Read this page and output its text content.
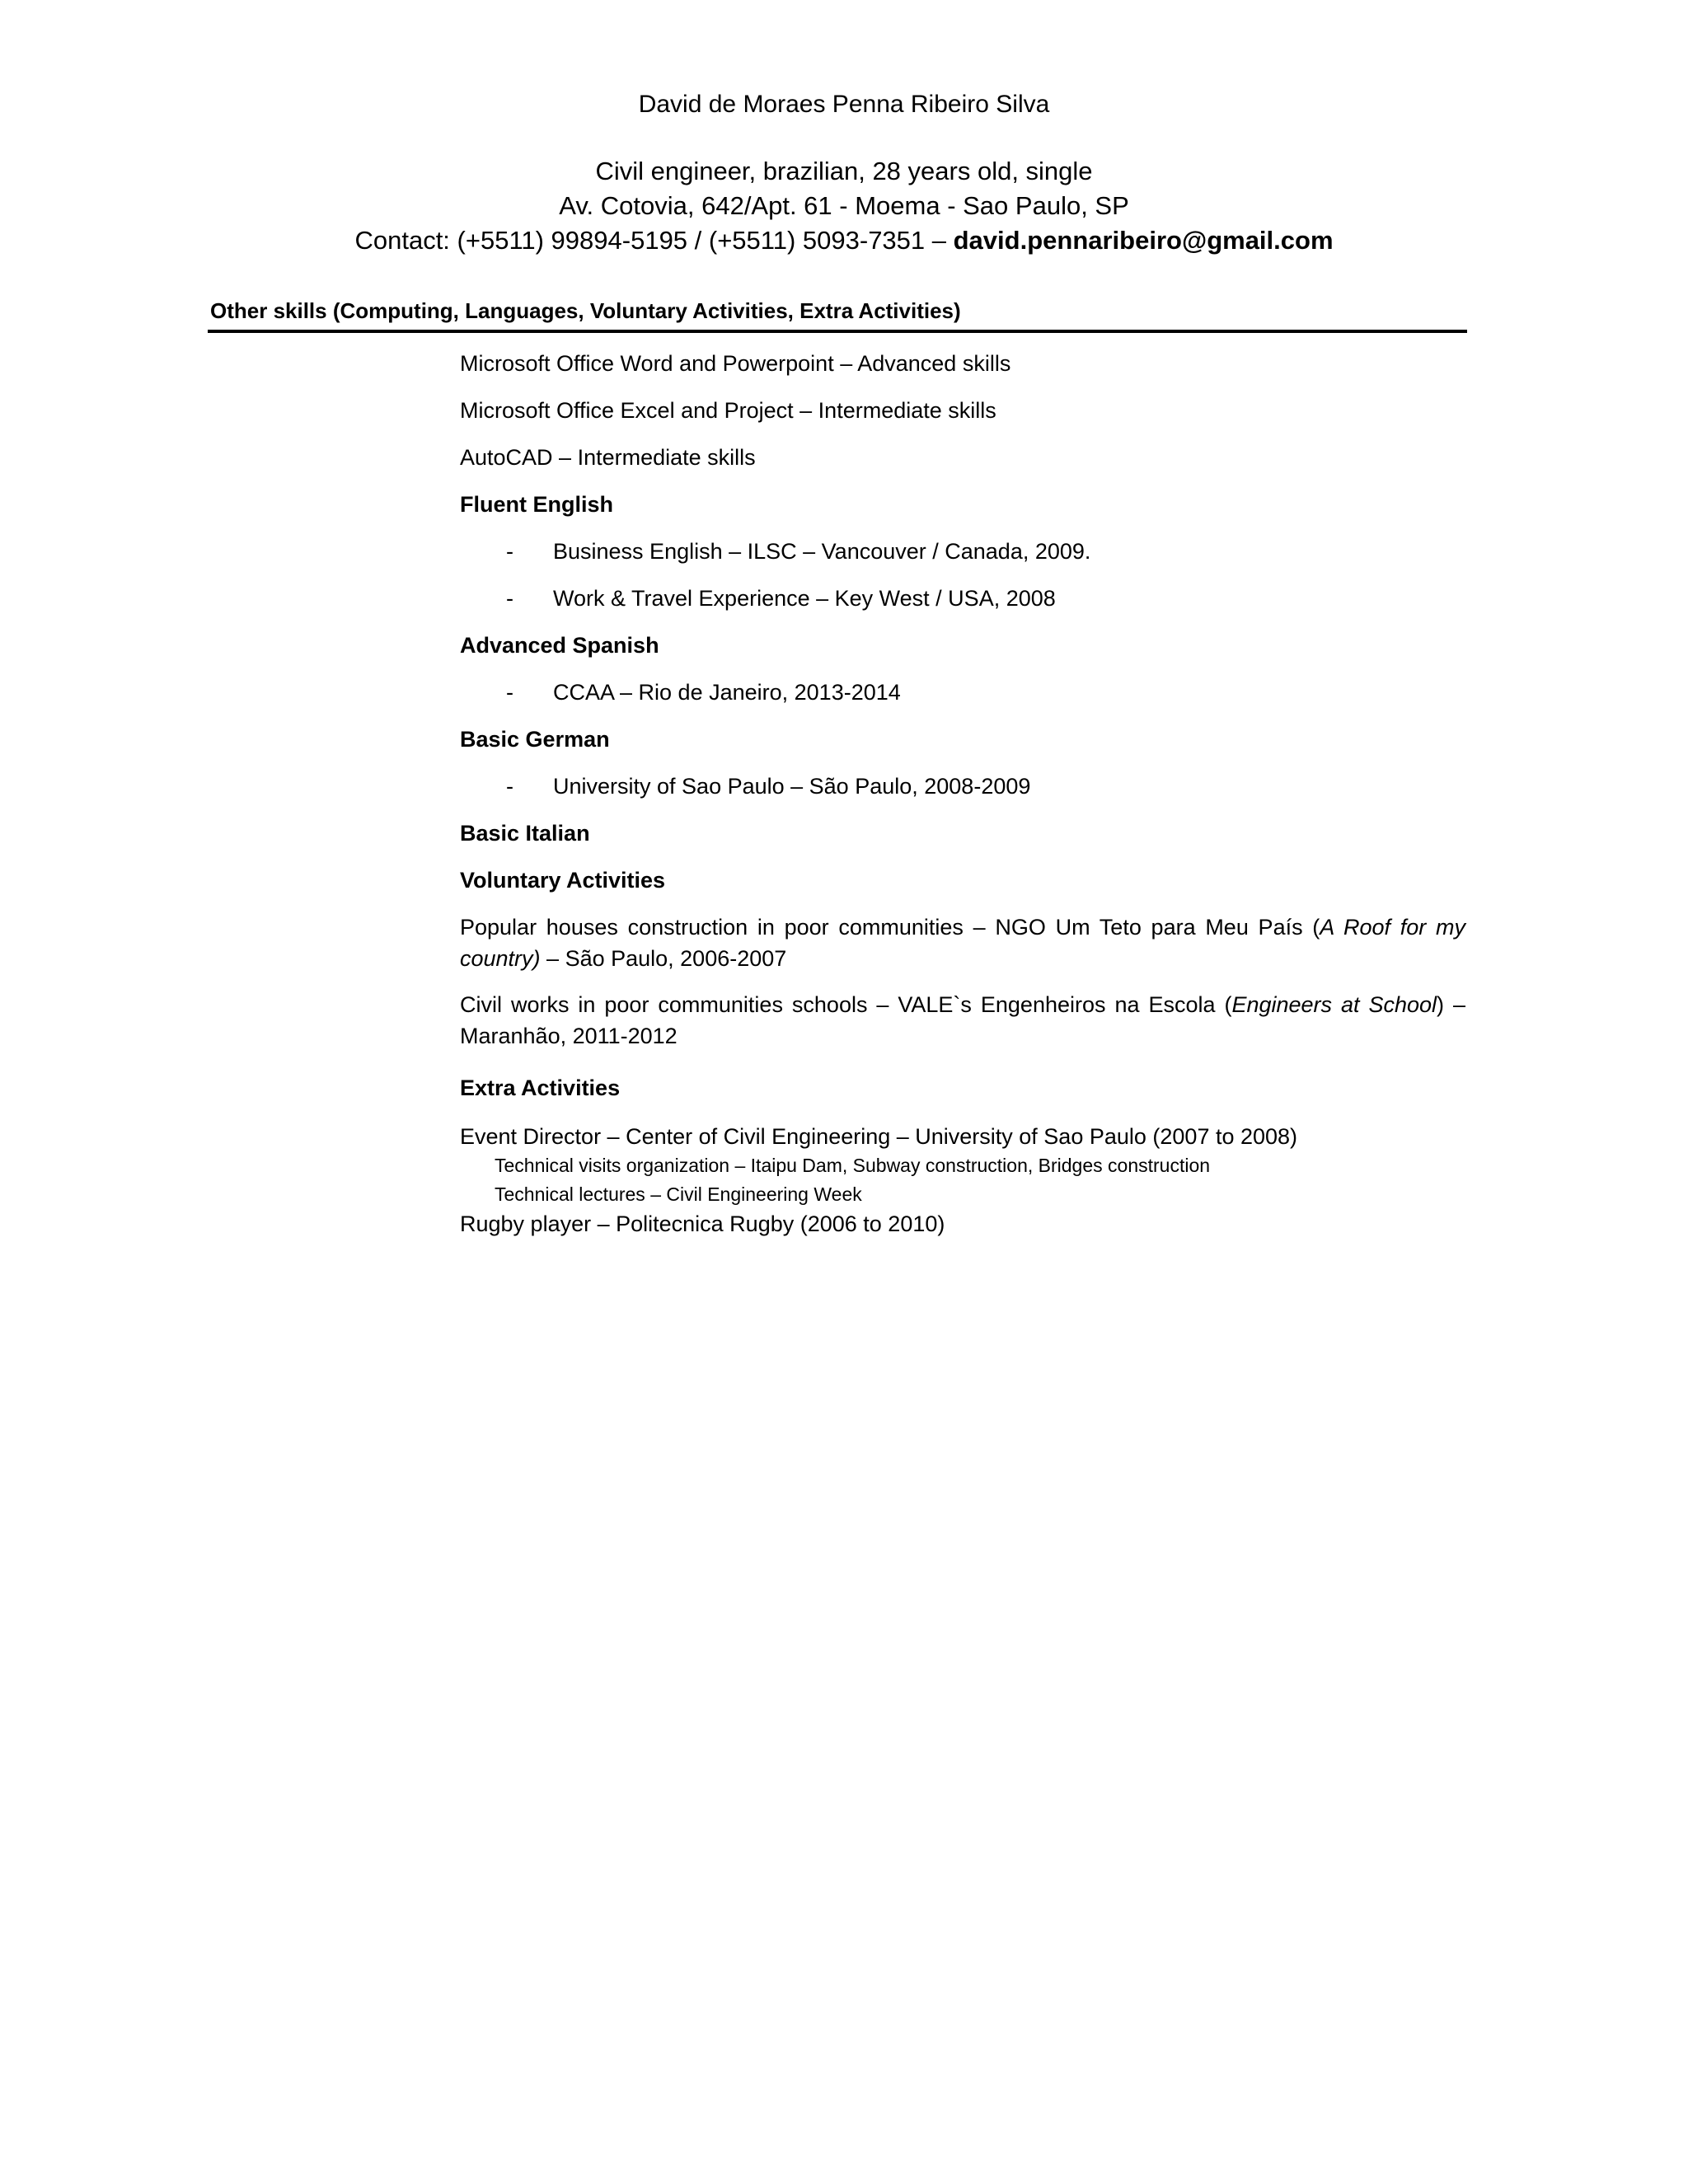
David de Moraes Penna Ribeiro Silva
Civil engineer, brazilian, 28 years old, single
Av. Cotovia, 642/Apt. 61 - Moema - Sao Paulo, SP
Contact: (+5511) 99894-5195 / (+5511) 5093-7351 – david.pennaribeiro@gmail.com
Other skills (Computing, Languages, Voluntary Activities, Extra Activities)
Microsoft Office Word and Powerpoint – Advanced skills
Microsoft Office Excel and Project – Intermediate skills
AutoCAD – Intermediate skills
Fluent English
- Business English – ILSC – Vancouver / Canada, 2009.
- Work & Travel Experience – Key West / USA, 2008
Advanced Spanish
- CCAA – Rio de Janeiro, 2013-2014
Basic German
- University of Sao Paulo – São Paulo, 2008-2009
Basic Italian
Voluntary Activities
Popular houses construction in poor communities – NGO Um Teto para Meu País (A Roof for my country) – São Paulo, 2006-2007
Civil works in poor communities schools – VALE`s Engenheiros na Escola (Engineers at School) – Maranhão, 2011-2012
Extra Activities
Event Director – Center of Civil Engineering – University of Sao Paulo (2007 to 2008)
Technical visits organization – Itaipu Dam, Subway construction, Bridges construction
Technical lectures – Civil Engineering Week
Rugby player – Politecnica Rugby (2006 to 2010)
